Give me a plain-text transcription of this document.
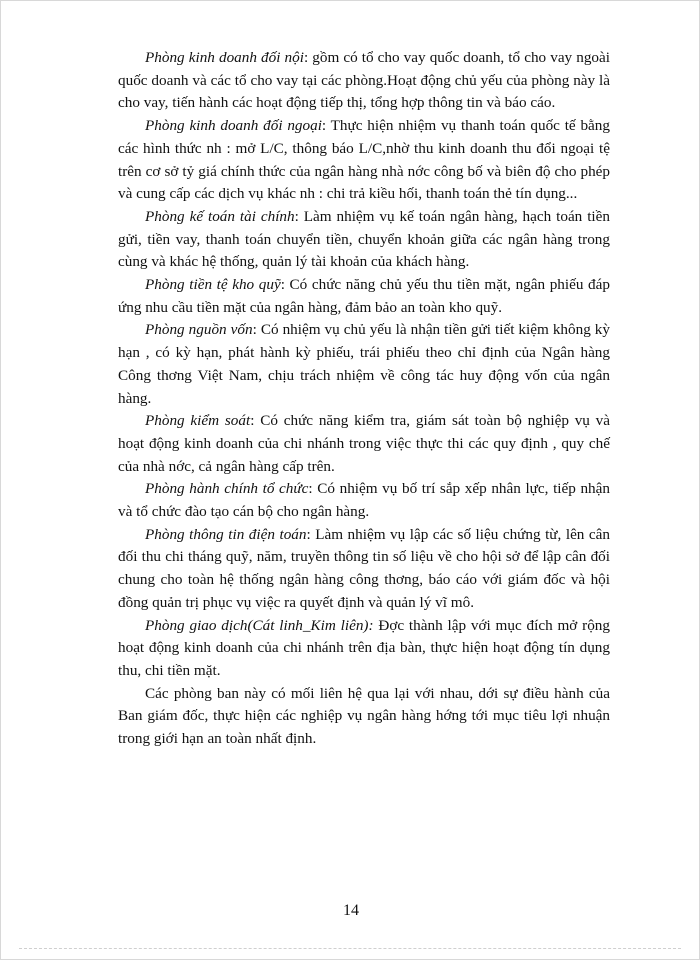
Phòng kinh doanh đối nội: gồm có tổ cho vay quốc doanh, tổ cho vay ngoài quốc doanh và các tổ cho vay tại các phòng.Hoạt động chủ yếu của phòng này là cho vay, tiến hành các hoạt động tiếp thị, tổng hợp thông tin và báo cáo.

Phòng kinh doanh đối ngoại: Thực hiện nhiệm vụ thanh toán quốc tế bằng các hình thức nh : mở L/C, thông báo L/C,nhờ thu kinh doanh thu đổi ngoại tệ trên cơ sở tỷ giá chính thức của ngân hàng nhà nớc công bố và biên độ cho phép và cung cấp các dịch vụ khác nh : chi trả kiều hối, thanh toán thẻ tín dụng...

Phòng kế toán tài chính: Làm nhiệm vụ kế toán ngân hàng, hạch toán tiền gửi, tiền vay, thanh toán chuyển tiền, chuyển khoản giữa các ngân hàng trong cùng và khác hệ thống, quản lý tài khoản của khách hàng.

Phòng tiền tệ kho quỹ: Có chức năng chủ yếu thu tiền mặt, ngân phiếu đáp ứng nhu cầu tiền mặt của ngân hàng, đảm bảo an toàn kho quỹ.

Phòng nguồn vốn: Có nhiệm vụ chủ yếu là nhận tiền gửi tiết kiệm không kỳ hạn , có kỳ hạn, phát hành kỳ phiếu, trái phiếu theo chỉ định của Ngân hàng Công thơng Việt Nam, chịu trách nhiệm về công tác huy động vốn của ngân hàng.

Phòng kiểm soát: Có chức năng kiểm tra, giám sát toàn bộ nghiệp vụ và hoạt động kinh doanh của chi nhánh trong việc thực thi các quy định , quy chế của nhà nớc, cả ngân hàng cấp trên.

Phòng hành chính tổ chức: Có nhiệm vụ bố trí sắp xếp nhân lực, tiếp nhận và tổ chức đào tạo cán bộ cho ngân hàng.

Phòng thông tin điện toán: Làm nhiệm vụ lập các số liệu chứng từ, lên cân đối thu chi tháng quỹ, năm, truyền thông tin số liệu về cho hội sở để lập cân đối chung cho toàn hệ thống ngân hàng công thơng, báo cáo với giám đốc và hội đồng quản trị phục vụ việc ra quyết định và quản lý vĩ mô.

Phòng giao dịch(Cát linh_Kim liên): Đợc thành lập với mục đích mở rộng hoạt động kinh doanh của chi nhánh trên địa bàn, thực hiện hoạt động tín dụng thu, chi tiền mặt.

Các phòng ban này có mối liên hệ qua lại với nhau, dới sự điều hành của Ban giám đốc, thực hiện các nghiệp vụ ngân hàng hớng tới mục tiêu lợi nhuận trong giới hạn an toàn nhất định.

14
